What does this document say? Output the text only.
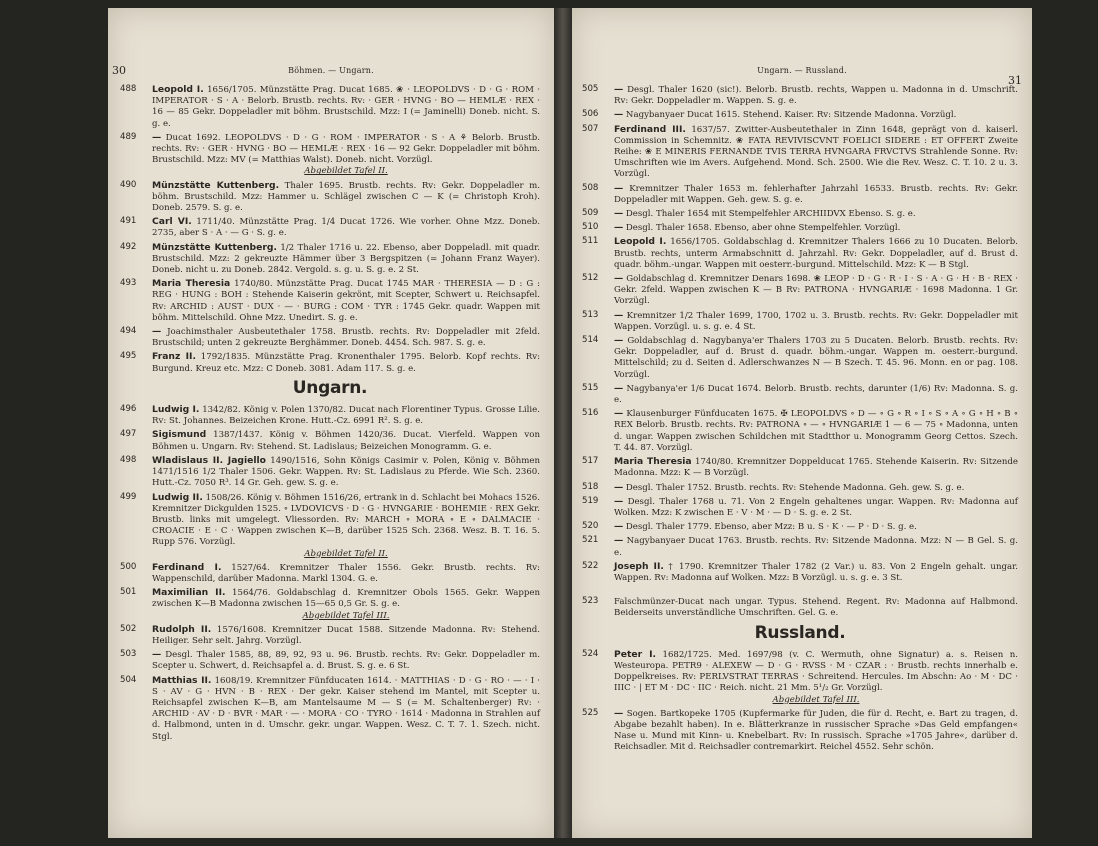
30	Böhmen. — Ungarn.
488	Leopold I. 1656/1705. Münzstätte Prag. Ducat 1685. ❀ · LEOPOLDVS · D · G · ROM · IMPERATOR · S · A · Belorb. Brustb. rechts. Rv: · GER · HVNG · BO — HEMLÆ · REX · 16 — 85 Gekr. Doppeladler mit böhm. Brustschild. Mzz: I (= Jaminelli) Doneb. nicht. S. g. e.
489	— Ducat 1692. LEOPOLDVS · D · G · ROM · IMPERATOR · S · A ⚘ Belorb. Brustb. rechts. Rv: · GER · HVNG · BO — HEMLÆ · REX · 16 — 92 Gekr. Doppeladler mit böhm. Brustschild. Mzz: MV (= Matthias Walst). Doneb. nicht. Vorzügl.
Abgebildet Tafel II.
490	Münzstätte Kuttenberg. Thaler 1695. Brustb. rechts. Rv: Gekr. Doppeladler m. böhm. Brustschild. Mzz: Hammer u. Schlägel zwischen C — K (= Christoph Kroh). Doneb. 2579. S. g. e.
491	Carl VI. 1711/40. Münzstätte Prag. 1/4 Ducat 1726. Wie vorher. Ohne Mzz. Doneb. 2735, aber S · A · — G · S. g. e.
492	Münzstätte Kuttenberg. 1/2 Thaler 1716 u. 22. Ebenso, aber Doppeladl. mit quadr. Brustschild. Mzz: 2 gekreuzte Hämmer über 3 Bergspitzen (= Johann Franz Wayer). Doneb. nicht u. zu Doneb. 2842. Vergold. s. g. u. S. g. e. 2 St.
493	Maria Theresia 1740/80. Münzstätte Prag. Ducat 1745 MAR · THERESIA — D : G : REG · HUNG : BOH : Stehende Kaiserin gekrönt, mit Scepter, Schwert u. Reichsapfel. Rv: ARCHID : AUST · DUX · — · BURG : COM · TYR : 1745 Gekr. quadr. Wappen mit böhm. Mittelschild. Ohne Mzz. Unedirt. S. g. e.
494	— Joachimsthaler Ausbeutethaler 1758. Brustb. rechts. Rv: Doppeladler mit 2feld. Brustschild; unten 2 gekreuzte Berghämmer. Doneb. 4454. Sch. 987. S. g. e.
495	Franz II. 1792/1835. Münzstätte Prag. Kronenthaler 1795. Belorb. Kopf rechts. Rv: Burgund. Kreuz etc. Mzz: C Doneb. 3081. Adam 117. S. g. e.
Ungarn.
496	Ludwig I. 1342/82. König v. Polen 1370/82. Ducat nach Florentiner Typus. Grosse Lilie. Rv: St. Johannes. Beizeichen Krone. Hutt.-Cz. 6991 R². S. g. e.
497	Sigismund 1387/1437. König v. Böhmen 1420/36. Ducat. Vierfeld. Wappen von Böhmen u. Ungarn. Rv: Stehend. St. Ladislaus; Beizeichen Monogramm. G. e.
498	Wladislaus II. Jagiello 1490/1516, Sohn Königs Casimir v. Polen, König v. Böhmen 1471/1516 1/2 Thaler 1506. Gekr. Wappen. Rv: St. Ladislaus zu Pferde. Wie Sch. 2360. Hutt.-Cz. 7050 R³. 14 Gr. Geh. gew. S. g. e.
499	Ludwig II. 1508/26. König v. Böhmen 1516/26, ertrank in d. Schlacht bei Mohacs 1526. Kremnitzer Dickgulden 1525. ∘ LVDOVICVS · D · G · HVNGARIE · BOHEMIE · REX Gekr. Brustb. links mit umgelegt. Vliessorden. Rv: MARCH ∘ MORA ∘ E ∘ DALMACIE · CROACIE · E · C · Wappen zwischen K—B, darüber 1525 Sch. 2368. Wesz. B. T. 16. 5. Rupp 576. Vorzügl.
Abgebildet Tafel II.
500	Ferdinand I. 1527/64. Kremnitzer Thaler 1556. Gekr. Brustb. rechts. Rv: Wappenschild, darüber Madonna. Markl 1304. G. e.
501	Maximilian II. 1564/76. Goldabschlag d. Kremnitzer Obols 1565. Gekr. Wappen zwischen K—B Madonna zwischen 15—65 0,5 Gr. S. g. e.
Abgebildet Tafel III.
502	Rudolph II. 1576/1608. Kremnitzer Ducat 1588. Sitzende Madonna. Rv: Stehend. Heiliger. Sehr selt. Jahrg. Vorzügl.
503	— Desgl. Thaler 1585, 88, 89, 92, 93 u. 96. Brustb. rechts. Rv: Gekr. Doppeladler m. Scepter u. Schwert, d. Reichsapfel a. d. Brust. S. g. e. 6 St.
504	Matthias II. 1608/19. Kremnitzer Fünfducaten 1614. · MATTHIAS · D · G · RO · — · I · S · AV · G · HVN · B · REX · Der gekr. Kaiser stehend im Mantel, mit Scepter u. Reichsapfel zwischen K—B, am Mantelsaume M — S (= M. Schaltenberger) Rv: · ARCHID · AV · D · BVR · MAR · — · MORA · CO · TYRO · 1614 · Madonna in Strahlen auf d. Halbmond, unten in d. Umschr. gekr. ungar. Wappen. Wesz. C. T. 7. 1. Szech. nicht. Stgl.
Ungarn. — Russland.
31
505	— Desgl. Thaler 1620 (sic!). Belorb. Brustb. rechts, Wappen u. Madonna in d. Umschrift. Rv: Gekr. Doppeladler m. Wappen. S. g. e.
506	— Nagybanyaer Ducat 1615. Stehend. Kaiser. Rv: Sitzende Madonna. Vorzügl.
507	Ferdinand III. 1637/57. Zwitter-Ausbeutethaler in Zinn 1648, geprägt von d. kaiserl. Commission in Schemnitz. ❀ FATA REVIVISCVNT FOELICI SIDERE : ET OFFERT Zweite Reihe: ❀ E MINERIS FERNANDE TVIS TERRA HVNGARA FRVCTVS Strahlende Sonne. Rv: Umschriften wie im Avers. Aufgehend. Mond. Sch. 2500. Wie die Rev. Wesz. C. T. 10. 2 u. 3. Vorzügl.
508	— Kremnitzer Thaler 1653 m. fehlerhafter Jahrzahl 16533. Brustb. rechts. Rv: Gekr. Doppeladler mit Wappen. Geh. gew. S. g. e.
509	— Desgl. Thaler 1654 mit Stempelfehler ARCHIIDVX Ebenso. S. g. e.
510	— Desgl. Thaler 1658. Ebenso, aber ohne Stempelfehler. Vorzügl.
511	Leopold I. 1656/1705. Goldabschlag d. Kremnitzer Thalers 1666 zu 10 Ducaten. Belorb. Brustb. rechts, unterm Armabschnitt d. Jahrzahl. Rv: Gekr. Doppeladler, auf d. Brust d. quadr. böhm.-ungar. Wappen mit oesterr.-burgund. Mittelschild. Mzz: K — B Stgl.
512	— Goldabschlag d. Kremnitzer Denars 1698. ❀ LEOP · D · G · R · I · S · A · G · H · B · REX · Gekr. 2feld. Wappen zwischen K — B Rv: PATRONA · HVNGARIÆ · 1698 Madonna. 1 Gr. Vorzügl.
513	— Kremnitzer 1/2 Thaler 1699, 1700, 1702 u. 3. Brustb. rechts. Rv: Gekr. Doppeladler mit Wappen. Vorzügl. u. s. g. e. 4 St.
514	— Goldabschlag d. Nagybanya'er Thalers 1703 zu 5 Ducaten. Belorb. Brustb. rechts. Rv: Gekr. Doppeladler, auf d. Brust d. quadr. böhm.-ungar. Wappen m. oesterr.-burgund. Mittelschild; zu d. Seiten d. Adlerschwanzes N — B Szech. T. 45. 96. Monn. en or pag. 108. Vorzügl.
515	— Nagybanya'er 1/6 Ducat 1674. Belorb. Brustb. rechts, darunter (1/6) Rv: Madonna. S. g. e.
516	— Klausenburger Fünfducaten 1675. ✠ LEOPOLDVS ∘ D — ∘ G ∘ R ∘ I ∘ S ∘ A ∘ G ∘ H ∘ B ∘ REX Belorb. Brustb. rechts. Rv: PATRONA ∘ — ∘ HVNGARIÆ 1 — 6 — 75 ∘ Madonna, unten d. ungar. Wappen zwischen Schildchen mit Stadtthor u. Monogramm Georg Cettos. Szech. T. 44. 87. Vorzügl.
517	Maria Theresia 1740/80. Kremnitzer Doppelducat 1765. Stehende Kaiserin. Rv: Sitzende Madonna. Mzz: K — B Vorzügl.
518	— Desgl. Thaler 1752. Brustb. rechts. Rv: Stehende Madonna. Geh. gew. S. g. e.
519	— Desgl. Thaler 1768 u. 71. Von 2 Engeln gehaltenes ungar. Wappen. Rv: Madonna auf Wolken. Mzz: K zwischen E · V · M · — D · S. g. e. 2 St.
520	— Desgl. Thaler 1779. Ebenso, aber Mzz: B u. S · K · — P · D · S. g. e.
521	— Nagybanyaer Ducat 1763. Brustb. rechts. Rv: Sitzende Madonna. Mzz: N — B Gel. S. g. e.
522	Joseph II. † 1790. Kremnitzer Thaler 1782 (2 Var.) u. 83. Von 2 Engeln gehalt. ungar. Wappen. Rv: Madonna auf Wolken. Mzz: B Vorzügl. u. s. g. e. 3 St.
523	Falschmünzer-Ducat nach ungar. Typus. Stehend. Regent. Rv: Madonna auf Halbmond. Beiderseits unverständliche Umschriften. Gel. G. e.
Russland.
524	Peter I. 1682/1725. Med. 1697/98 (v. C. Wermuth, ohne Signatur) a. s. Reisen n. Westeuropa. PETR9 · ALEXEW — D · G · RVSS · M · CZAR : · Brustb. rechts innerhalb e. Doppelkreises. Rv: PERLVSTRAT TERRAS · Schreitend. Hercules. Im Abschn: Ao · M · DC · IIIC · | ET M · DC · IIC · Reich. nicht. 21 Mm. 5¹/₂ Gr. Vorzügl.
Abgebildet Tafel III.
525	— Sogen. Bartkopeke 1705 (Kupfermarke für Juden, die für d. Recht, e. Bart zu tragen, d. Abgabe bezahlt haben). In e. Blätterkranze in russischer Sprache »Das Geld empfangen« Nase u. Mund mit Kinn- u. Knebelbart. Rv: In russisch. Sprache »1705 Jahre«, darüber d. Reichsadler. Mit d. Reichsadler contremarkirt. Reichel 4552. Sehr schön.
